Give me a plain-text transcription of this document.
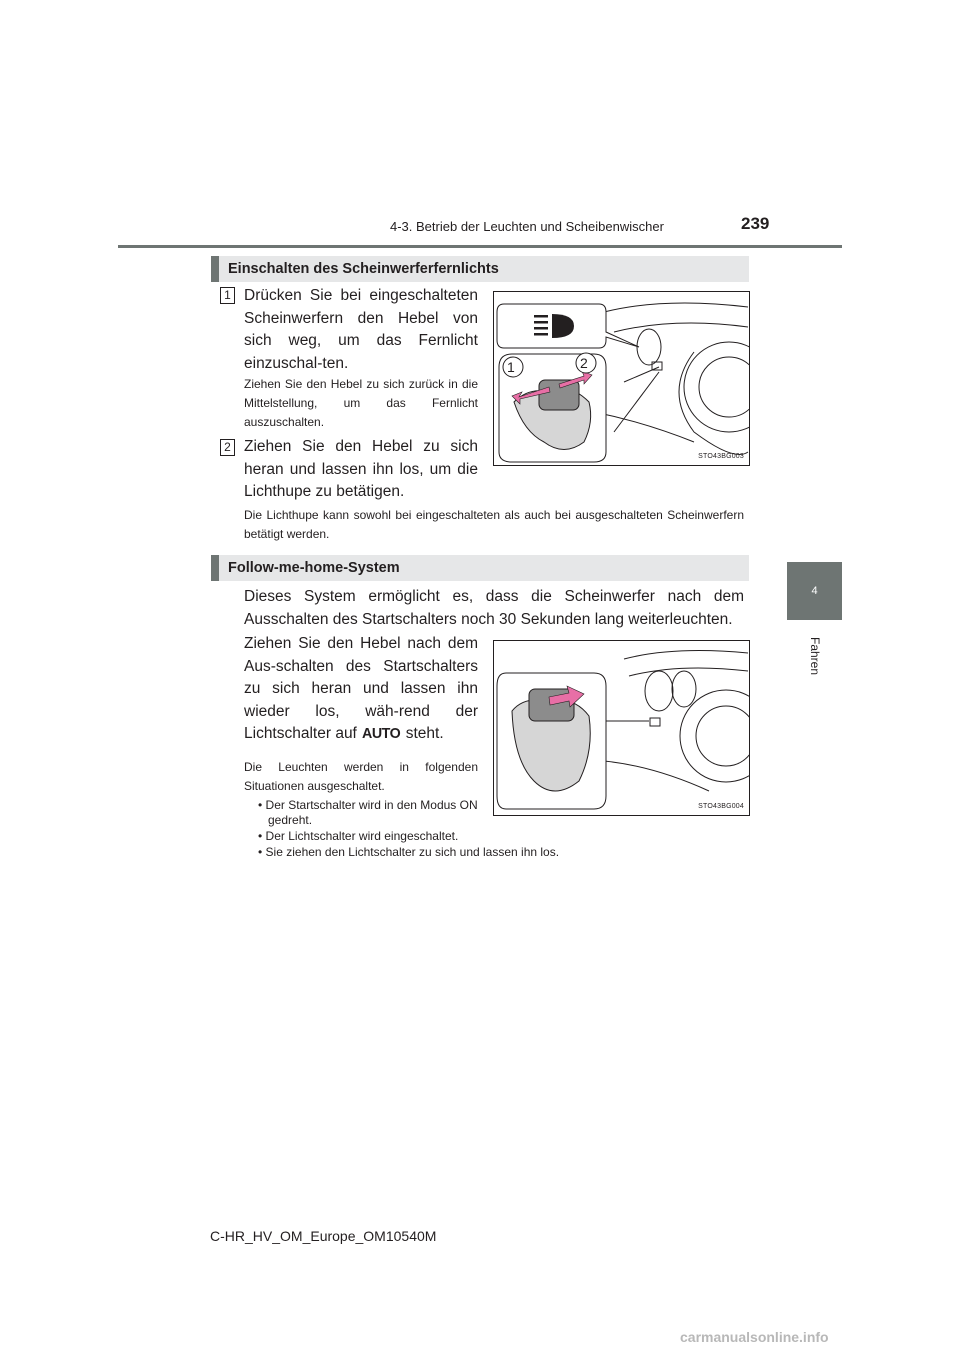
4-3. Betrieb der Leuchten und Scheibenwischer	239
4
Fahren
Einschalten des Scheinwerferfernlichts
1 Drücken Sie bei eingeschalteten Scheinwerfern den Hebel von sich weg, um das Fernlicht einzuschal-ten.
Ziehen Sie den Hebel zu sich zurück in die Mittelstellung, um das Fernlicht auszuschalten.
2 Ziehen Sie den Hebel zu sich heran und lassen ihn los, um die Lichthupe zu betätigen.
Die Lichthupe kann sowohl bei eingeschalteten als auch bei ausgeschalteten Scheinwerfern betätigt werden.
1	2
STO43BG003
Follow-me-home-System
Dieses System ermöglicht es, dass die Scheinwerfer nach dem Ausschalten des Startschalters noch 30 Sekunden lang weiterleuchten.
Ziehen Sie den Hebel nach dem Aus-schalten des Startschalters zu sich heran und lassen ihn wieder los, wäh-rend der Lichtschalter auf AUTO steht.
Die Leuchten werden in folgenden Situationen ausgeschaltet.
• Der Startschalter wird in den Modus ON gedreht.
• Der Lichtschalter wird eingeschaltet.
• Sie ziehen den Lichtschalter zu sich und lassen ihn los.
STO43BG004
C-HR_HV_OM_Europe_OM10540M
carmanualsonline.info
